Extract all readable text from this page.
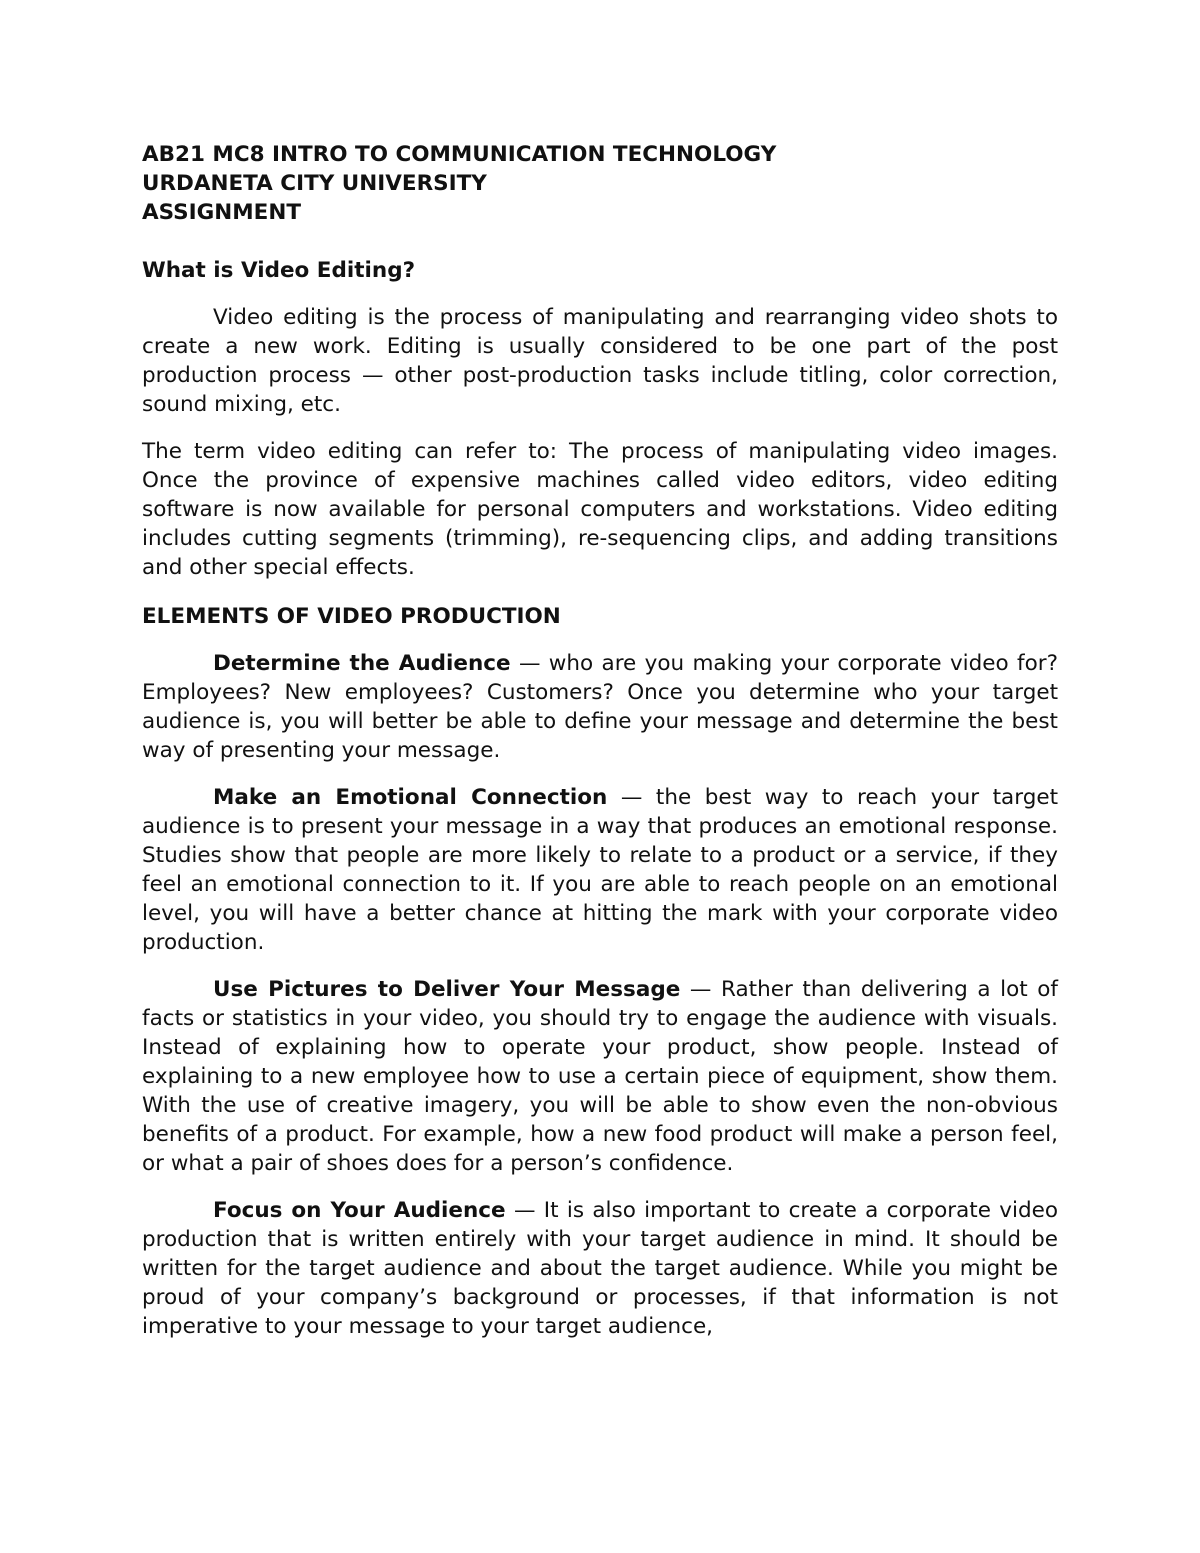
AB21 MC8 INTRO TO COMMUNICATION TECHNOLOGY
URDANETA CITY UNIVERSITY
ASSIGNMENT
What is Video Editing?

Video editing is the process of manipulating and rearranging video shots to create a new work. Editing is usually considered to be one part of the post production process — other post-production tasks include titling, color correction, sound mixing, etc.

The term video editing can refer to: The process of manipulating video images. Once the province of expensive machines called video editors, video editing software is now available for personal computers and workstations. Video editing includes cutting segments (trimming), re-sequencing clips, and adding transitions and other special effects.

ELEMENTS OF VIDEO PRODUCTION

Determine the Audience — who are you making your corporate video for? Employees? New employees? Customers? Once you determine who your target audience is, you will better be able to define your message and determine the best way of presenting your message.

Make an Emotional Connection — the best way to reach your target audience is to present your message in a way that produces an emotional response. Studies show that people are more likely to relate to a product or a service, if they feel an emotional connection to it. If you are able to reach people on an emotional level, you will have a better chance at hitting the mark with your corporate video production.

Use Pictures to Deliver Your Message — Rather than delivering a lot of facts or statistics in your video, you should try to engage the audience with visuals. Instead of explaining how to operate your product, show people. Instead of explaining to a new employee how to use a certain piece of equipment, show them. With the use of creative imagery, you will be able to show even the non-obvious benefits of a product. For example, how a new food product will make a person feel, or what a pair of shoes does for a person’s confidence.

Focus on Your Audience — It is also important to create a corporate video production that is written entirely with your target audience in mind. It should be written for the target audience and about the target audience. While you might be proud of your company’s background or processes, if that information is not imperative to your message to your target audience,
